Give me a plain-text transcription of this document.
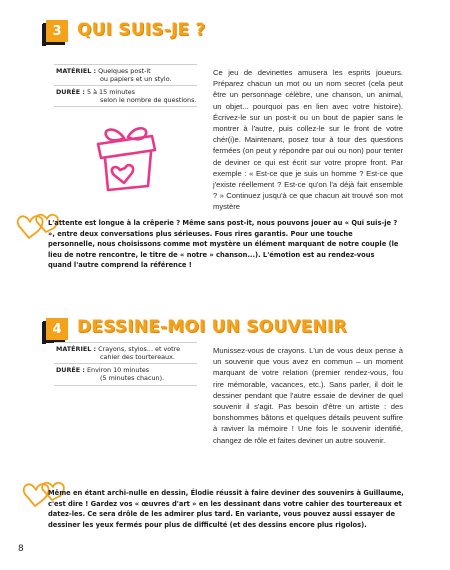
3 QUI SUIS-JE ?
MATÉRIEL : Quelques post-it
ou papiers et un stylo.
DURÉE : 5 à 15 minutes
selon le nombre de questions.
Ce jeu de devinettes amusera les esprits joueurs. Préparez chacun un mot ou un nom secret (cela peut être un personnage célèbre, une chanson, un animal, un objet... pourquoi pas en lien avec votre histoire). Écrivez-le sur un post-it ou un bout de papier sans le montrer à l'autre, puis collez-le sur le front de votre chér(i)e. Maintenant, posez tour à tour des questions fermées (on peut y répondre par oui ou non) pour tenter de deviner ce qui est écrit sur votre propre front. Par exemple : « Est-ce que je suis un homme ? Est-ce que j'existe réellement ? Est-ce qu'on l'a déjà fait ensemble ? » Continuez jusqu'à ce que chacun ait trouvé son mot mystère
L'attente est longue à la crêperie ? Même sans post-it, nous pouvons jouer au « Qui suis-je ? », entre deux conversations plus sérieuses. Fous rires garantis. Pour une touche personnelle, nous choisissons comme mot mystère un élément marquant de notre couple (le lieu de notre rencontre, le titre de « notre » chanson...). L'émotion est au rendez-vous quand l'autre comprend la référence !
4 DESSINE-MOI UN SOUVENIR
MATÉRIEL : Crayons, stylos... et votre
cahier des tourtereaux.
DURÉE : Environ 10 minutes
(5 minutes chacun).
Munissez-vous de crayons. L'un de vous deux pense à un souvenir que vous avez en commun – un moment marquant de votre relation (premier rendez-vous, fou rire mémorable, vacances, etc.). Sans parler, il doit le dessiner pendant que l'autre essaie de deviner de quel souvenir il s'agit. Pas besoin d'être un artiste : des bonshommes bâtons et quelques détails peuvent suffire à raviver la mémoire ! Une fois le souvenir identifié, changez de rôle et faites deviner un autre souvenir.
Même en étant archi-nulle en dessin, Élodie réussit à faire deviner des souvenirs à Guillaume, c'est dire ! Gardez vos « œuvres d'art » en les dessinant dans votre cahier des tourtereaux et datez-les. Ce sera drôle de les admirer plus tard. En variante, vous pouvez aussi essayer de dessiner les yeux fermés pour plus de difficulté (et des dessins encore plus rigolos).
8
